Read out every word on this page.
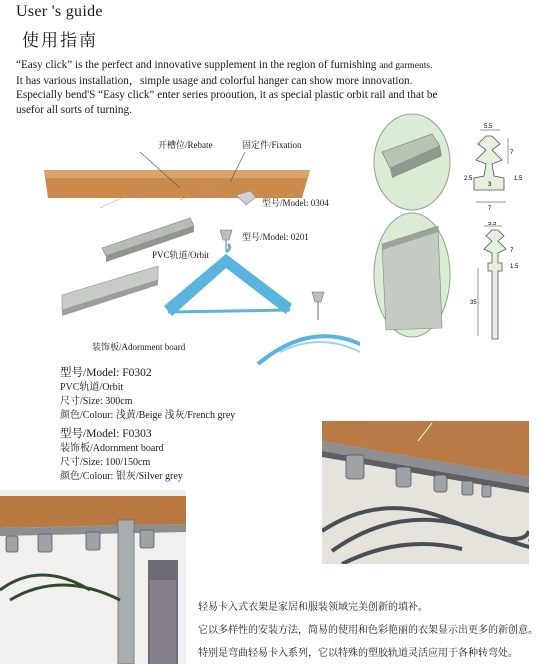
User 's guide
使用指南
“Easy click” is the perfect and innovative supplement in the region of furnishing and garments.
It has various installation，simple usage and colorful hanger can show more innovation.
Especially bend'S “Easy click” enter series prooution, it as special plastic orbit rail and that be
usefor all sorts of turning.
开槽位/Rebate	固定件/Fixation
型号/Model: 0304
型号/Model: 0201
PVC轨道/Orbit
装饰板/Adornment board
5.5
7
1.5
2.5
3
7
5.5
7
1.5
35
型号/Model: F0302
PVC轨道/Orbit
尺寸/Size: 300cm
颜色/Colour: 浅黄/Beige 浅灰/French grey
型号/Model: F0303
装饰板/Adornment board
尺寸/Size: 100/150cm
颜色/Colour: 银灰/Silver grey
轻易卡入式衣架是家居和服装领域完美创新的填补。
它以多样性的安装方法，简易的使用和色彩艳丽的衣架显示出更多的新创意。
特别是弯曲轻易卡入系列，它以特殊的塑胶轨道灵活应用于各种转弯处。
